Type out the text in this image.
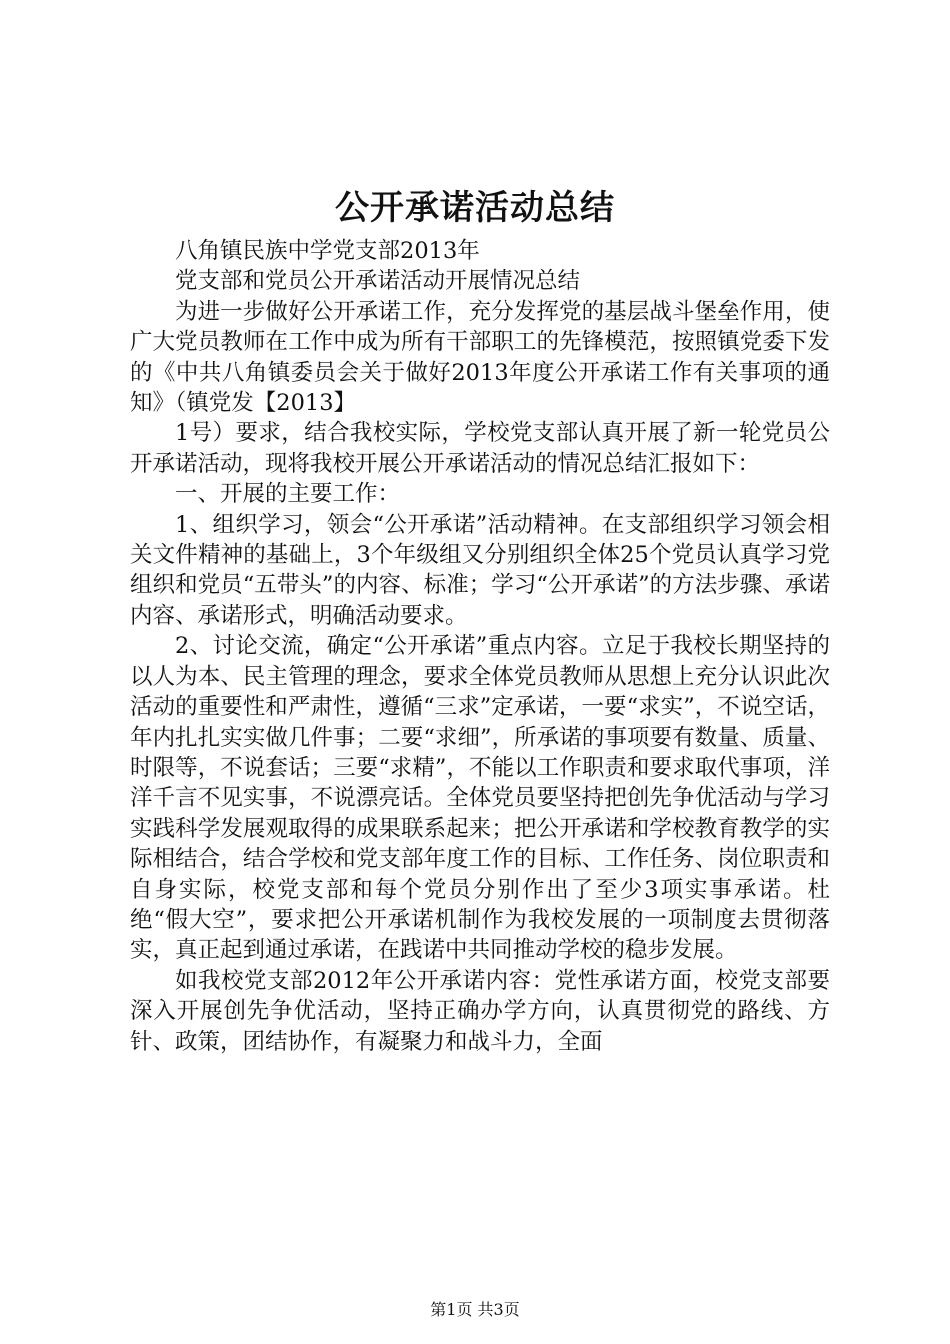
公开承诺活动总结

八角镇民族中学党支部2013年

党支部和党员公开承诺活动开展情况总结

为进一步做好公开承诺工作，充分发挥党的基层战斗堡垒作用，使广大党员教师在工作中成为所有干部职工的先锋模范，按照镇党委下发的《中共八角镇委员会关于做好2013年度公开承诺工作有关事项的通知》（镇党发【2013】

1号）要求，结合我校实际，学校党支部认真开展了新一轮党员公开承诺活动，现将我校开展公开承诺活动的情况总结汇报如下：

一、开展的主要工作：

1、组织学习，领会“公开承诺”活动精神。在支部组织学习领会相关文件精神的基础上，3个年级组又分别组织全体25个党员认真学习党组织和党员“五带头”的内容、标准；学习“公开承诺”的方法步骤、承诺内容、承诺形式，明确活动要求。

2、讨论交流，确定“公开承诺”重点内容。立足于我校长期坚持的以人为本、民主管理的理念，要求全体党员教师从思想上充分认识此次活动的重要性和严肃性，遵循“三求”定承诺，一要“求实”，不说空话，年内扎扎实实做几件事；二要“求细”，所承诺的事项要有数量、质量、时限等，不说套话；三要“求精”，不能以工作职责和要求取代事项，洋洋千言不见实事，不说漂亮话。全体党员要坚持把创先争优活动与学习实践科学发展观取得的成果联系起来；把公开承诺和学校教育教学的实际相结合，结合学校和党支部年度工作的目标、工作任务、岗位职责和自身实际，校党支部和每个党员分别作出了至少3项实事承诺。杜绝“假大空”，要求把公开承诺机制作为我校发展的一项制度去贯彻落实，真正起到通过承诺，在践诺中共同推动学校的稳步发展。

如我校党支部2012年公开承诺内容：党性承诺方面，校党支部要深入开展创先争优活动，坚持正确办学方向，认真贯彻党的路线、方针、政策，团结协作，有凝聚力和战斗力，全面

第1页 共3页
